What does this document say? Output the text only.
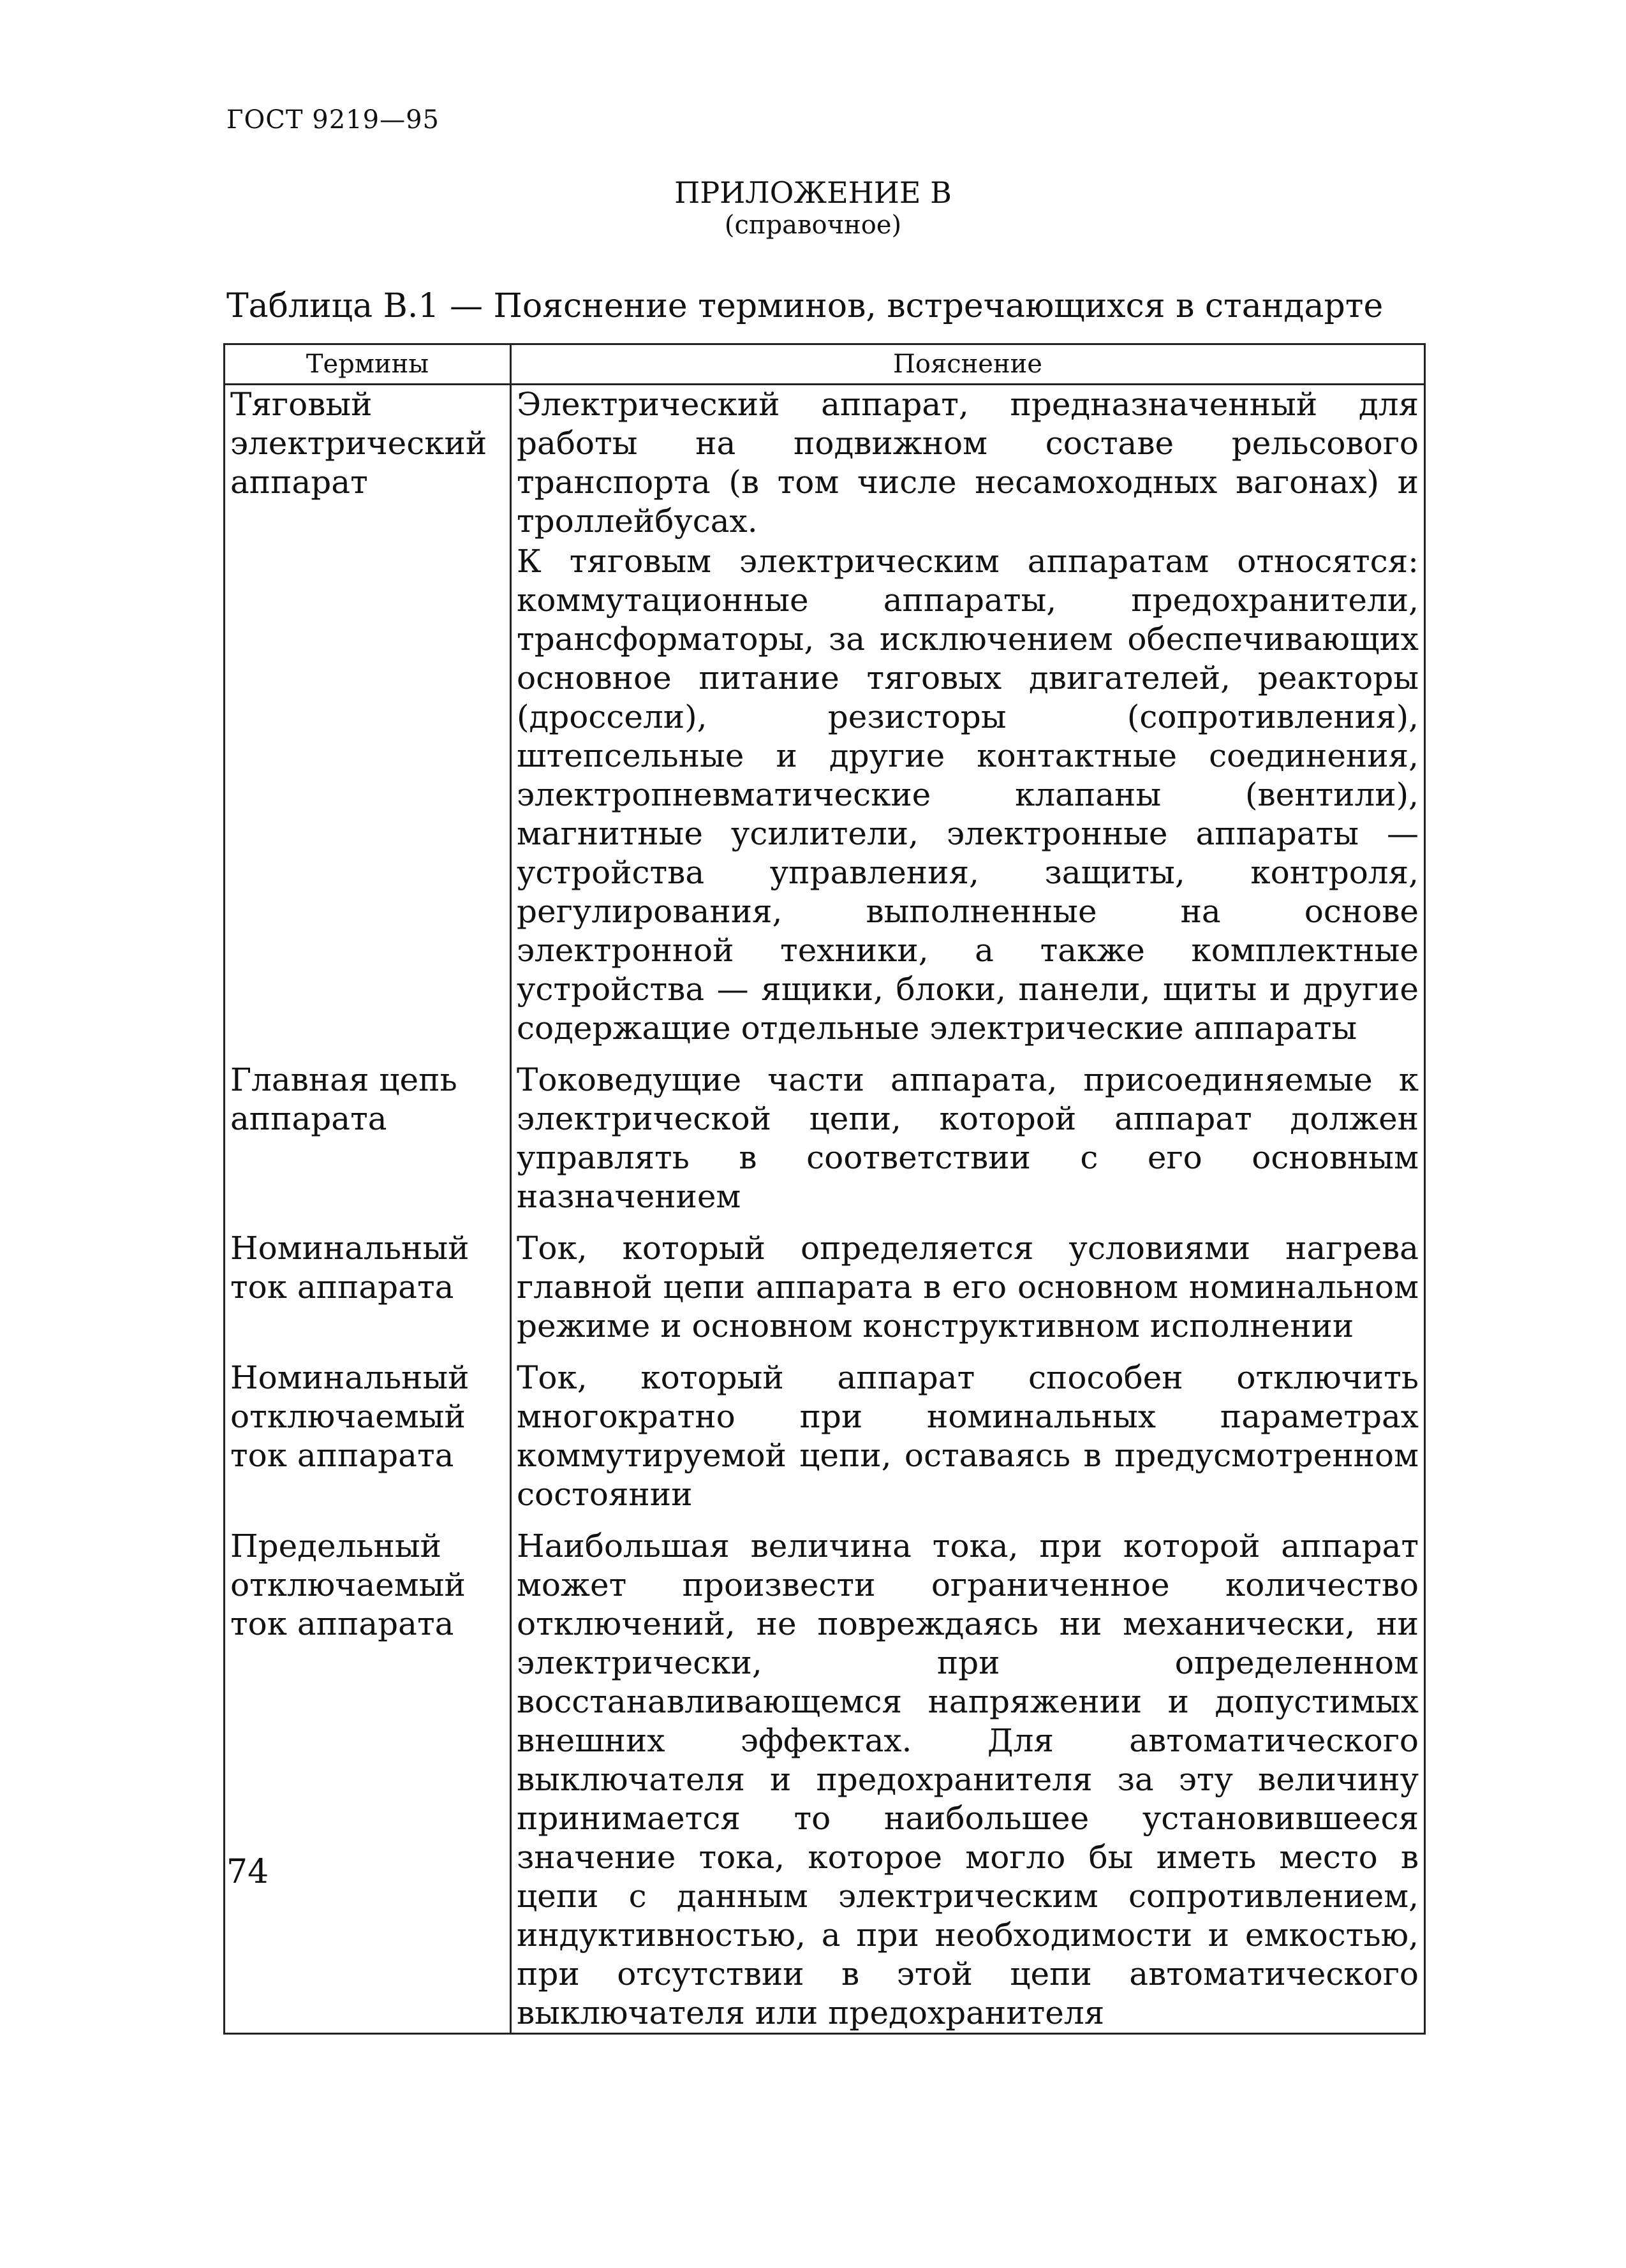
ГОСТ 9219—95
ПРИЛОЖЕНИЕ В
(справочное)
Таблица В.1 — Пояснение терминов, встречающихся в стандарте
Термины	Пояснение
Тяговый электрический аппарат	Электрический аппарат, предназначенный для работы на подвижном составе рельсового транспорта (в том числе несамоходных вагонах) и троллейбусах.
К тяговым электрическим аппаратам относятся: коммутационные аппараты, предохранители, трансформаторы, за исключением обеспечивающих основное питание тяговых двигателей, реакторы (дроссели), резисторы (сопротивления), штепсельные и другие контактные соединения, электропневматические клапаны (вентили), магнитные усилители, электронные аппараты — устройства управления, защиты, контроля, регулирования, выполненные на основе электронной техники, а также комплектные устройства — ящики, блоки, панели, щиты и другие содержащие отдельные электрические аппараты

Главная цепь аппарата	Токоведущие части аппарата, присоединяемые к электрической цепи, которой аппарат должен управлять в соответствии с его основным назначением

Номинальный ток аппарата	Ток, который определяется условиями нагрева главной цепи аппарата в его основном номинальном режиме и основном конструктивном исполнении

Номинальный отключаемый ток аппарата	Ток, который аппарат способен отключить многократно при номинальных параметрах коммутируемой цепи, оставаясь в предусмотренном состоянии

Предельный отключаемый ток аппарата	Наибольшая величина тока, при которой аппарат может произвести ограниченное количество отключений, не повреждаясь ни механически, ни электрически, при определенном восстанавливающемся напряжении и допустимых внешних эффектах. Для автоматического выключателя и предохранителя за эту величину принимается то наибольшее установившееся значение тока, которое могло бы иметь место в цепи с данным электрическим сопротивлением, индуктивностью, а при необходимости и емкостью, при отсутствии в этой цепи автоматического выключателя или предохранителя
74
